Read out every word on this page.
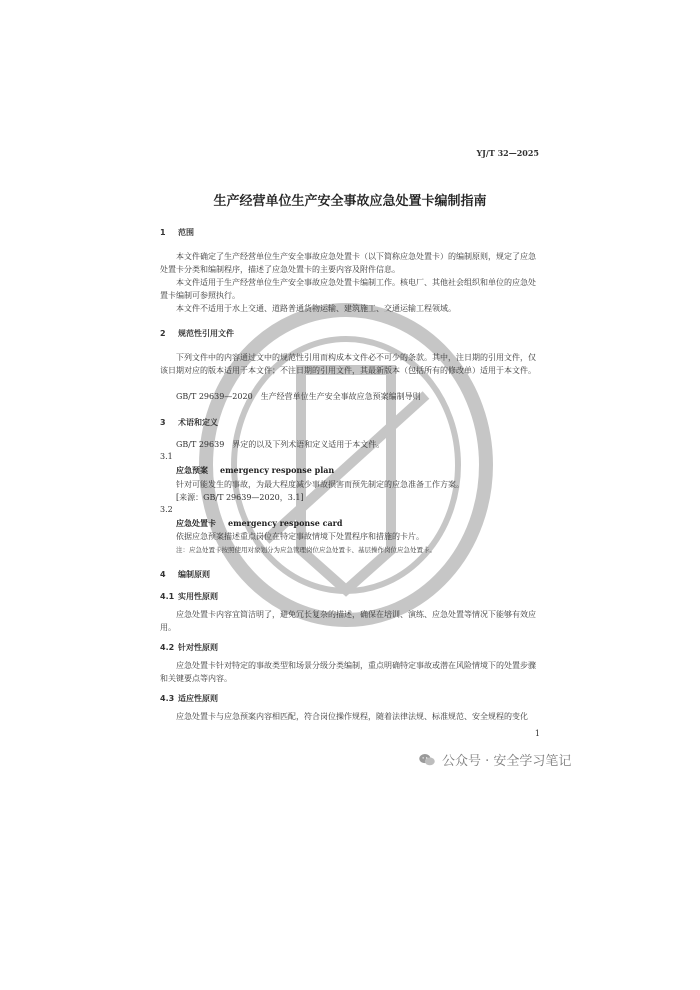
YJ/T 32—2025
生产经营单位生产安全事故应急处置卡编制指南
1 范围
本文件确定了生产经营单位生产安全事故应急处置卡（以下简称应急处置卡）的编制原则，规定了应急处置卡分类和编制程序，描述了应急处置卡的主要内容及附件信息。
本文件适用于生产经营单位生产安全事故应急处置卡编制工作。核电厂、其他社会组织和单位的应急处置卡编制可参照执行。
本文件不适用于水上交通、道路普通货物运输、建筑施工、交通运输工程领域。
2 规范性引用文件
下列文件中的内容通过文中的规范性引用而构成本文件必不可少的条款。其中，注日期的引用文件，仅该日期对应的版本适用于本文件；不注日期的引用文件，其最新版本（包括所有的修改单）适用于本文件。
GB/T 29639—2020　生产经营单位生产安全事故应急预案编制导则
3 术语和定义
GB/T 29639　界定的以及下列术语和定义适用于本文件。
3.1
应急预案 emergency response plan
针对可能发生的事故，为最大程度减少事故损害而预先制定的应急准备工作方案。
[来源：GB/T 29639—2020，3.1]
3.2
应急处置卡 emergency response card
依据应急预案描述重点岗位在特定事故情境下处置程序和措施的卡片。
注：应急处置卡按照使用对象划分为应急管理岗位应急处置卡、基层操作岗位应急处置卡。
4 编制原则
4.1 实用性原则
应急处置卡内容宜简洁明了，避免冗长复杂的描述，确保在培训、演练、应急处置等情况下能够有效应用。
4.2 针对性原则
应急处置卡针对特定的事故类型和场景分级分类编制，重点明确特定事故或潜在风险情境下的处置步骤和关键要点等内容。
4.3 适应性原则
应急处置卡与应急预案内容相匹配，符合岗位操作规程，随着法律法规、标准规范、安全规程的变化
1
公众号 · 安全学习笔记
